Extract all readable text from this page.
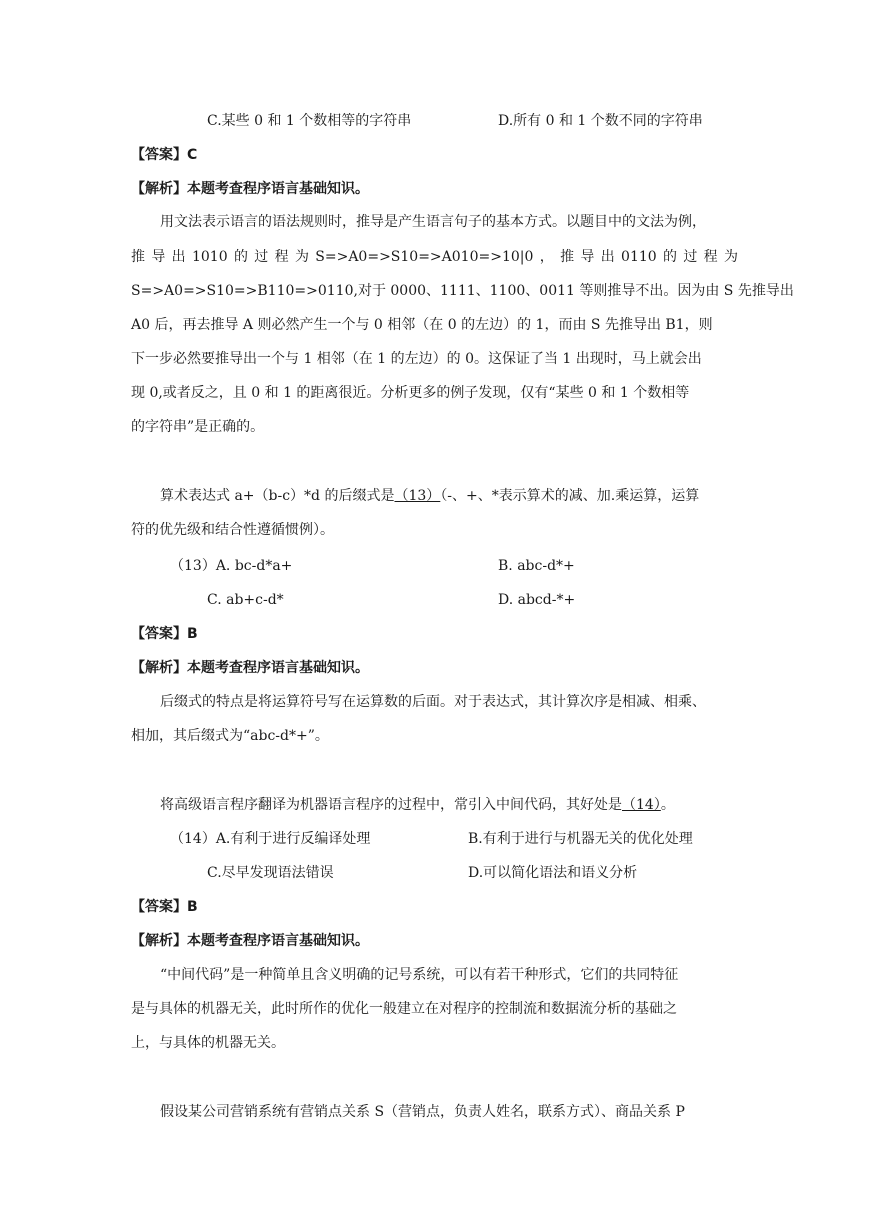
C.某些 0 和 1 个数相等的字符串	D.所有 0 和 1 个数不同的字符串
【答案】C
【解析】本题考查程序语言基础知识。
用文法表示语言的语法规则时，推导是产生语言句子的基本方式。以题目中的文法为例，
推 导 出 1010 的 过 程 为 S=>A0=>S10=>A010=>10|0 ， 推 导 出 0110 的 过 程 为
S=>A0=>S10=>B110=>0110,对于 0000、1111、1100、0011 等则推导不出。因为由 S 先推导出
A0 后，再去推导 A 则必然产生一个与 0 相邻（在 0 的左边）的 1，而由 S 先推导出 B1，则
下一步必然要推导出一个与 1 相邻（在 1 的左边）的 0。这保证了当 1 出现时，马上就会出
现 0,或者反之，且 0 和 1 的距离很近。分析更多的例子发现，仅有“某些 0 和 1 个数相等
的字符串”是正确的。
算术表达式 a+（b-c）*d 的后缀式是（13）（-、+、*表示算术的减、加.乘运算，运算
符的优先级和结合性遵循惯例）。
（13）A. bc-d*a+	B. abc-d*+
C. ab+c-d*	D. abcd-*+
【答案】B
【解析】本题考查程序语言基础知识。
后缀式的特点是将运算符号写在运算数的后面。对于表达式，其计算次序是相减、相乘、
相加，其后缀式为“abc-d*+”。
将高级语言程序翻译为机器语言程序的过程中，常引入中间代码，其好处是（14）。
（14）A.有利于进行反编译处理	B.有利于进行与机器无关的优化处理
C.尽早发现语法错误	D.可以简化语法和语义分析
【答案】B
【解析】本题考查程序语言基础知识。
“中间代码”是一种简单且含义明确的记号系统，可以有若干种形式，它们的共同特征
是与具体的机器无关，此时所作的优化一般建立在对程序的控制流和数据流分析的基础之
上，与具体的机器无关。
假设某公司营销系统有营销点关系 S（营销点，负责人姓名，联系方式）、商品关系 P
